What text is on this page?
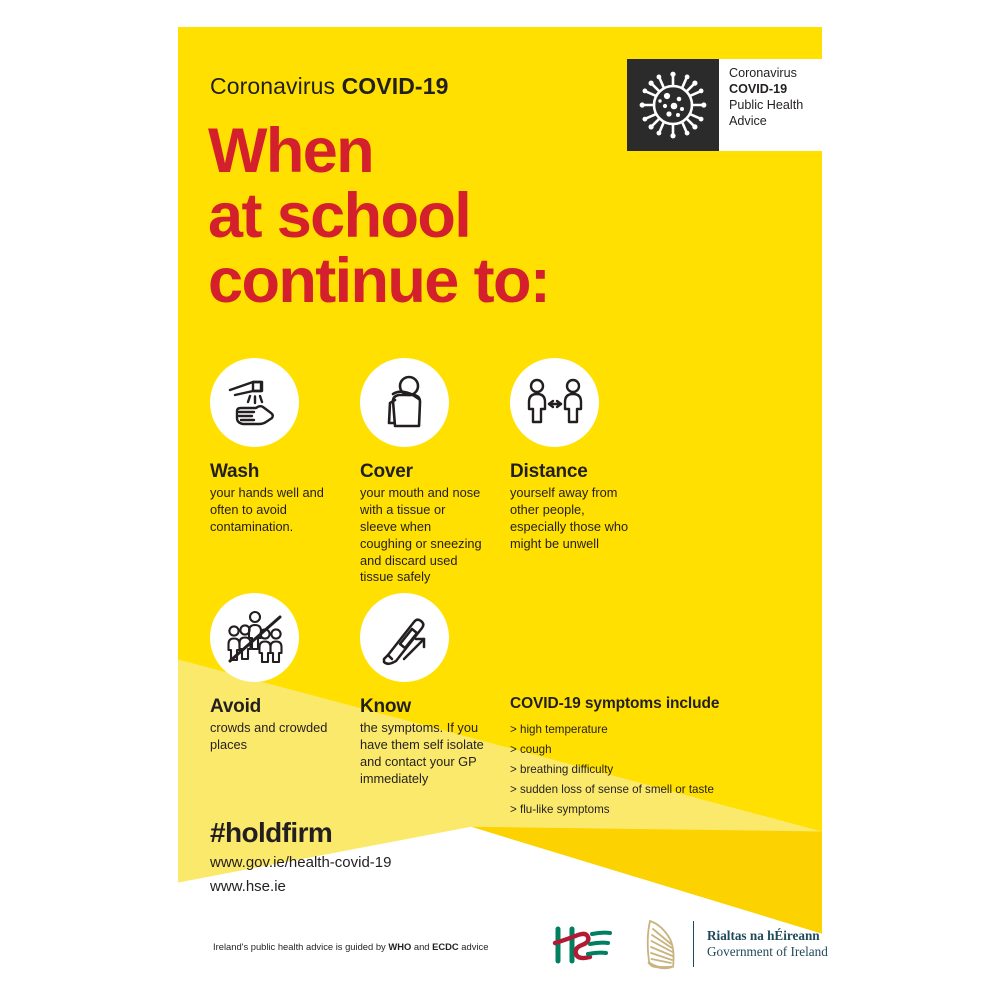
Coronavirus COVID-19
When
at school
continue to:
Coronavirus
COVID-19
Public Health
Advice
Wash

your hands well and often to avoid contamination.

Cover

your mouth and nose with a tissue or sleeve when coughing or sneezing and discard used tissue safely

Distance

yourself away from other people, especially those who might be unwell

Avoid

crowds and crowded places

Know

the symptoms. If you have them self isolate and contact your GP immediately

COVID-19 symptoms include
> high temperature
> cough
> breathing difficulty
> sudden loss of sense of smell or taste
> flu-like symptoms
#holdfirm
www.gov.ie/health-covid-19
www.hse.ie
Ireland's public health advice is guided by WHO and ECDC advice
Rialtas na hÉireann
Government of Ireland
